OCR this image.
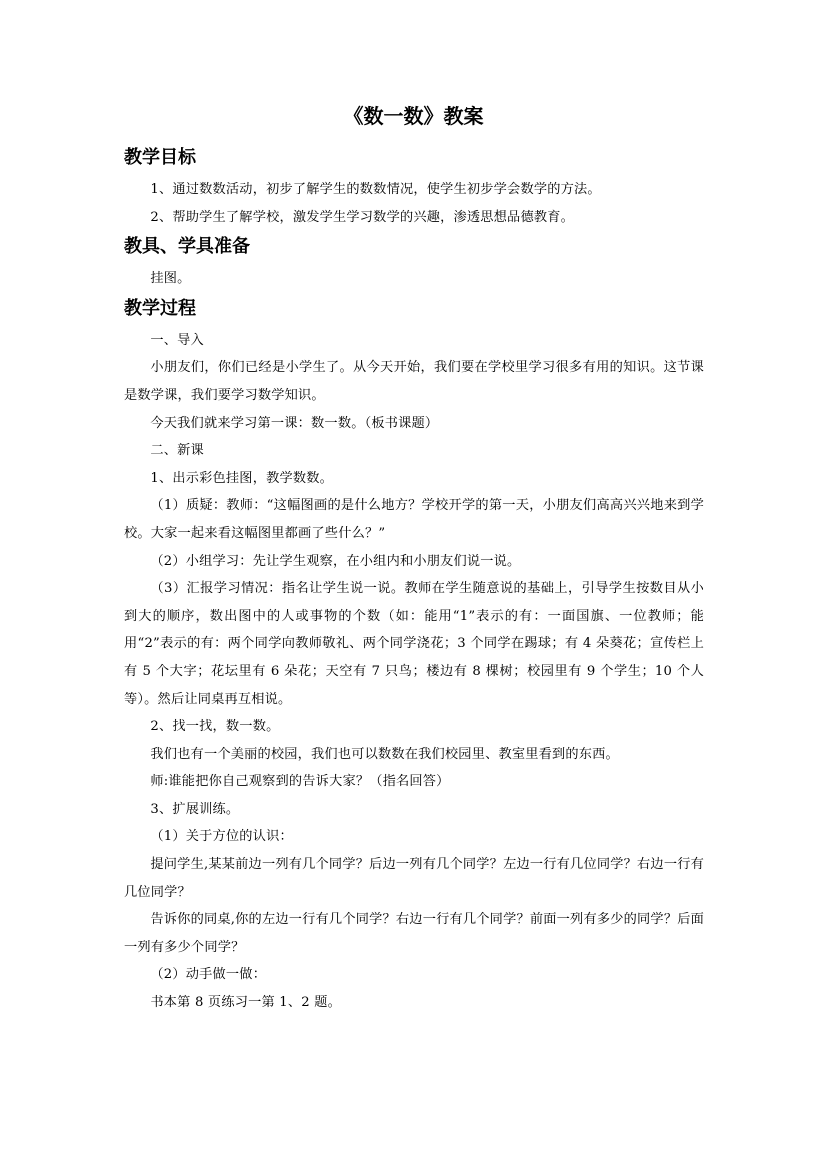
《数一数》教案
教学目标

1、通过数数活动，初步了解学生的数数情况，使学生初步学会数学的方法。

2、帮助学生了解学校，激发学生学习数学的兴趣，渗透思想品德教育。

教具、学具准备

挂图。

教学过程

一、导入

小朋友们，你们已经是小学生了。从今天开始，我们要在学校里学习很多有用的知识。这节课是数学课，我们要学习数学知识。

今天我们就来学习第一课：数一数。（板书课题）

二、新课

1、出示彩色挂图，教学数数。

（1）质疑：教师：“这幅图画的是什么地方？学校开学的第一天，小朋友们高高兴兴地来到学校。大家一起来看这幅图里都画了些什么？”

（2）小组学习：先让学生观察，在小组内和小朋友们说一说。

（3）汇报学习情况：指名让学生说一说。教师在学生随意说的基础上，引导学生按数目从小到大的顺序，数出图中的人或事物的个数（如：能用“1”表示的有：一面国旗、一位教师；能用“2”表示的有：两个同学向教师敬礼、两个同学浇花；3 个同学在踢球；有 4 朵葵花；宣传栏上有 5 个大字；花坛里有 6 朵花；天空有 7 只鸟；楼边有 8 棵树；校园里有 9 个学生；10 个人等）。然后让同桌再互相说。

2、找一找，数一数。

我们也有一个美丽的校园，我们也可以数数在我们校园里、教室里看到的东西。

师:谁能把你自己观察到的告诉大家？（指名回答）

3、扩展训练。

（1）关于方位的认识：

提问学生,某某前边一列有几个同学？后边一列有几个同学？左边一行有几位同学？右边一行有几位同学？

告诉你的同桌,你的左边一行有几个同学？右边一行有几个同学？前面一列有多少的同学？后面一列有多少个同学？

（2）动手做一做：

书本第 8 页练习一第 1、2 题。
